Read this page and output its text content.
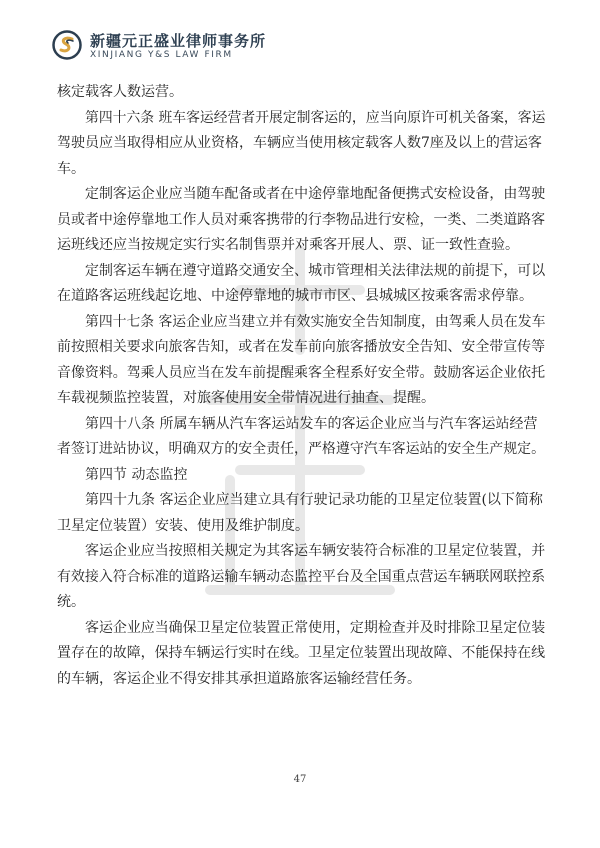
新疆元正盛业律师事务所
XINJIANG Y&S LAW FIRM
核定载客人数运营。
第四十六条 班车客运经营者开展定制客运的，应当向原许可机关备案，客运
驾驶员应当取得相应从业资格，车辆应当使用核定载客人数7座及以上的营运客
车。
定制客运企业应当随车配备或者在中途停靠地配备便携式安检设备，由驾驶
员或者中途停靠地工作人员对乘客携带的行李物品进行安检，一类、二类道路客
运班线还应当按规定实行实名制售票并对乘客开展人、票、证一致性查验。
定制客运车辆在遵守道路交通安全、城市管理相关法律法规的前提下，可以
在道路客运班线起讫地、中途停靠地的城市市区、县城城区按乘客需求停靠。
第四十七条 客运企业应当建立并有效实施安全告知制度，由驾乘人员在发车
前按照相关要求向旅客告知，或者在发车前向旅客播放安全告知、安全带宣传等
音像资料。驾乘人员应当在发车前提醒乘客全程系好安全带。鼓励客运企业依托
车载视频监控装置，对旅客使用安全带情况进行抽查、提醒。
第四十八条 所属车辆从汽车客运站发车的客运企业应当与汽车客运站经营
者签订进站协议，明确双方的安全责任，严格遵守汽车客运站的安全生产规定。
第四节 动态监控
第四十九条 客运企业应当建立具有行驶记录功能的卫星定位装置(以下简称
卫星定位装置）安装、使用及维护制度。
客运企业应当按照相关规定为其客运车辆安装符合标准的卫星定位装置，并
有效接入符合标准的道路运输车辆动态监控平台及全国重点营运车辆联网联控系
统。
客运企业应当确保卫星定位装置正常使用，定期检查并及时排除卫星定位装
置存在的故障，保持车辆运行实时在线。卫星定位装置出现故障、不能保持在线
的车辆，客运企业不得安排其承担道路旅客运输经营任务。
47
